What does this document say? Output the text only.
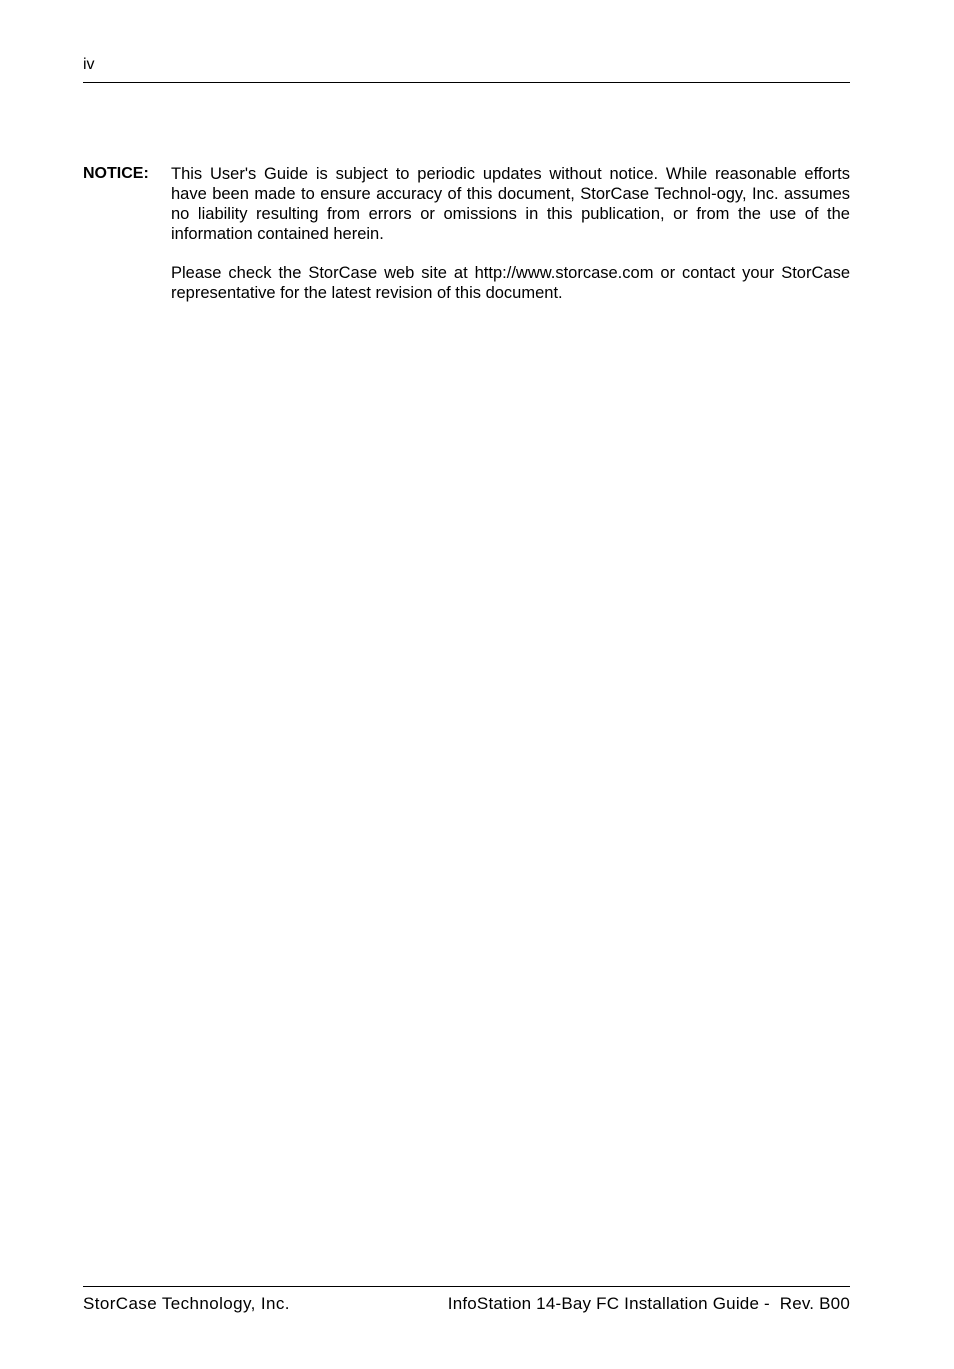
iv
NOTICE: This User's Guide is subject to periodic updates without notice. While reasonable efforts have been made to ensure accuracy of this document, StorCase Technol-ogy, Inc. assumes no liability resulting from errors or omissions in this publication, or from the use of the information contained herein.

Please check the StorCase web site at http://www.storcase.com or contact your StorCase representative for the latest revision of this document.

StorCase Technology, Inc.	InfoStation 14-Bay FC Installation Guide -  Rev. B00
